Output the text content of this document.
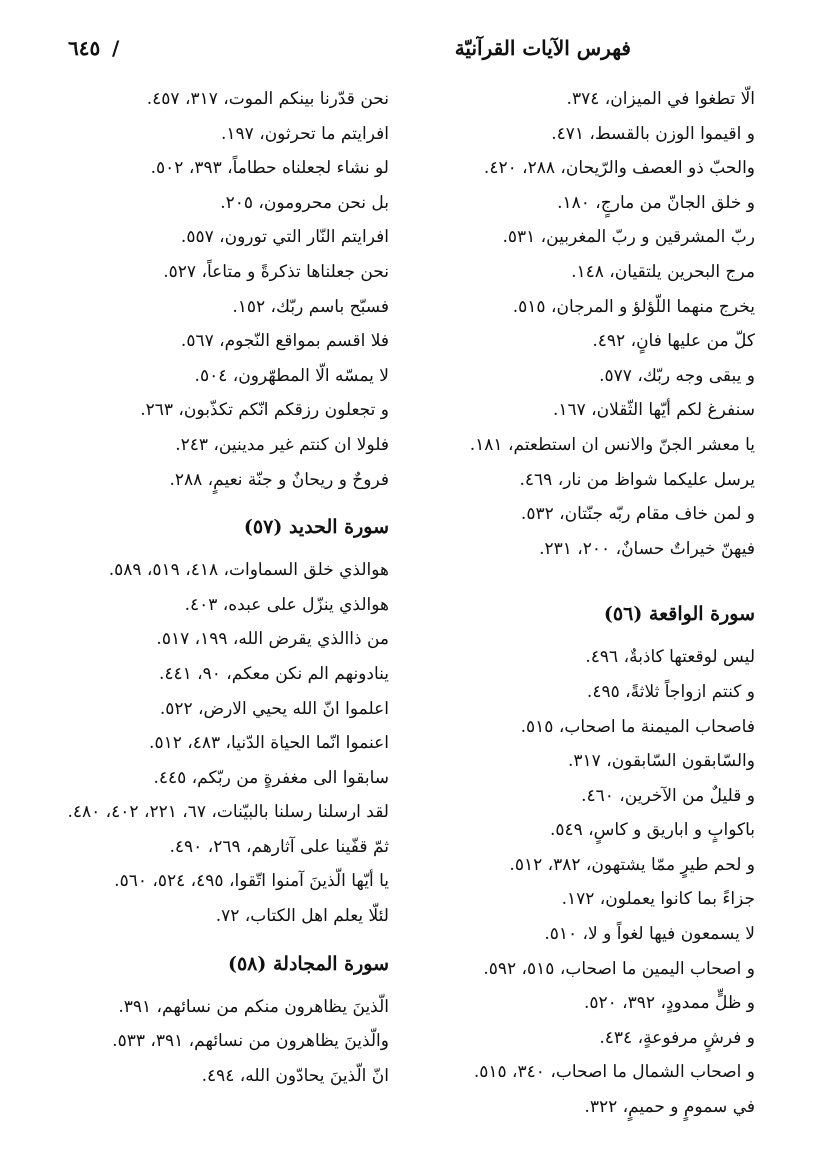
فهرس الآيات القرآنيّة
/
٦٤٥
الّا تطغوا في الميزان، ٣٧٤.
و اقيموا الوزن بالقسط، ٤٧١.
والحبّ ذو العصف والرّيحان، ٢٨٨، ٤٢٠.
و خلق الجانّ من مارجٍ، ١٨٠.
ربّ المشرقين و ربّ المغربين، ٥٣١.
مرج البحرين يلتقيان، ١٤٨.
يخرج منهما اللّؤلؤ و المرجان، ٥١٥.
كلّ من عليها فانٍ، ٤٩٢.
و يبقى وجه ربّك، ٥٧٧.
سنفرغ لكم أيّها الثّقلان، ١٦٧.
يا معشر الجنّ والانس ان استطعتم، ١٨١.
يرسل عليكما شواظ من نار، ٤٦٩.
و لمن خاف مقام ربّه جنّتان، ٥٣٢.
فيهنّ خيراتٌ حسانٌ، ٢٠٠، ٢٣١.
سورة الواقعة (٥٦)
ليس لوقعتها كاذبةٌ، ٤٩٦.
و كنتم ازواجاً ثلاثةً، ٤٩٥.
فاصحاب الميمنة ما اصحاب، ٥١٥.
والسّابقون السّابقون، ٣١٧.
و قليلٌ من الآخرين، ٤٦٠.
باكوابٍ و اباريق و كاسٍ، ٥٤٩.
و لحم طيرٍ ممّا يشتهون، ٣٨٢، ٥١٢.
جزاءً بما كانوا يعملون، ١٧٢.
لا يسمعون فيها لغواً و لا، ٥١٠.
و اصحاب اليمين ما اصحاب، ٥١٥، ٥٩٢.
و ظلٍّ ممدودٍ، ٣٩٢، ٥٢٠.
و فرشٍ مرفوعةٍ، ٤٣٤.
و اصحاب الشمال ما اصحاب، ٣٤٠، ٥١٥.
في سمومٍ و حميمٍ، ٣٢٢.
نحن قدّرنا بينكم الموت، ٣١٧، ٤٥٧.
افرايتم ما تحرثون، ١٩٧.
لو نشاء لجعلناه حطاماً، ٣٩٣، ٥٠٢.
بل نحن محرومون، ٢٠٥.
افرايتم النّار التي تورون، ٥٥٧.
نحن جعلناها تذكرةً و متاعاً، ٥٢٧.
فسبّح باسم ربّك، ١٥٢.
فلا اقسم بمواقع النّجوم، ٥٦٧.
لا يمسّه الّا المطهّرون، ٥٠٤.
و تجعلون رزقكم انّكم تكذّبون، ٢٦٣.
فلولا ان كنتم غير مدينين، ٢٤٣.
فروحٌ و ريحانٌ و جنّة نعيمٍ، ٢٨٨.
سورة الحديد (٥٧)
هوالذي خلق السماوات، ٤١٨، ٥١٩، ٥٨٩.
هوالذي ينزّل على عبده، ٤٠٣.
من ذاالذي يقرض الله، ١٩٩، ٥١٧.
ينادونهم الم نكن معكم، ٩٠، ٤٤١.
اعلموا انّ الله يحيي الارض، ٥٢٢.
اعنموا انّما الحياة الدّنيا، ٤٨٣، ٥١٢.
سابقوا الى مغفرةٍ من ربّكم، ٤٤٥.
لقد ارسلنا رسلنا بالبيّنات، ٦٧، ٢٢١، ٤٠٢، ٤٨٠.
ثمّ قفّينا على آثارهم، ٢٦٩، ٤٩٠.
يا أيّها الّذينَ آمنوا اتّقوا، ٤٩٥، ٥٢٤، ٥٦٠.
لئلّا يعلم اهل الكتاب، ٧٢.
سورة المجادلة (٥٨)
الّذينَ يظاهرون منكم من نسائهم، ٣٩١.
والّذينَ يظاهرون من نسائهم، ٣٩١، ٥٣٣.
انّ الّذينَ يحادّون الله، ٤٩٤.
